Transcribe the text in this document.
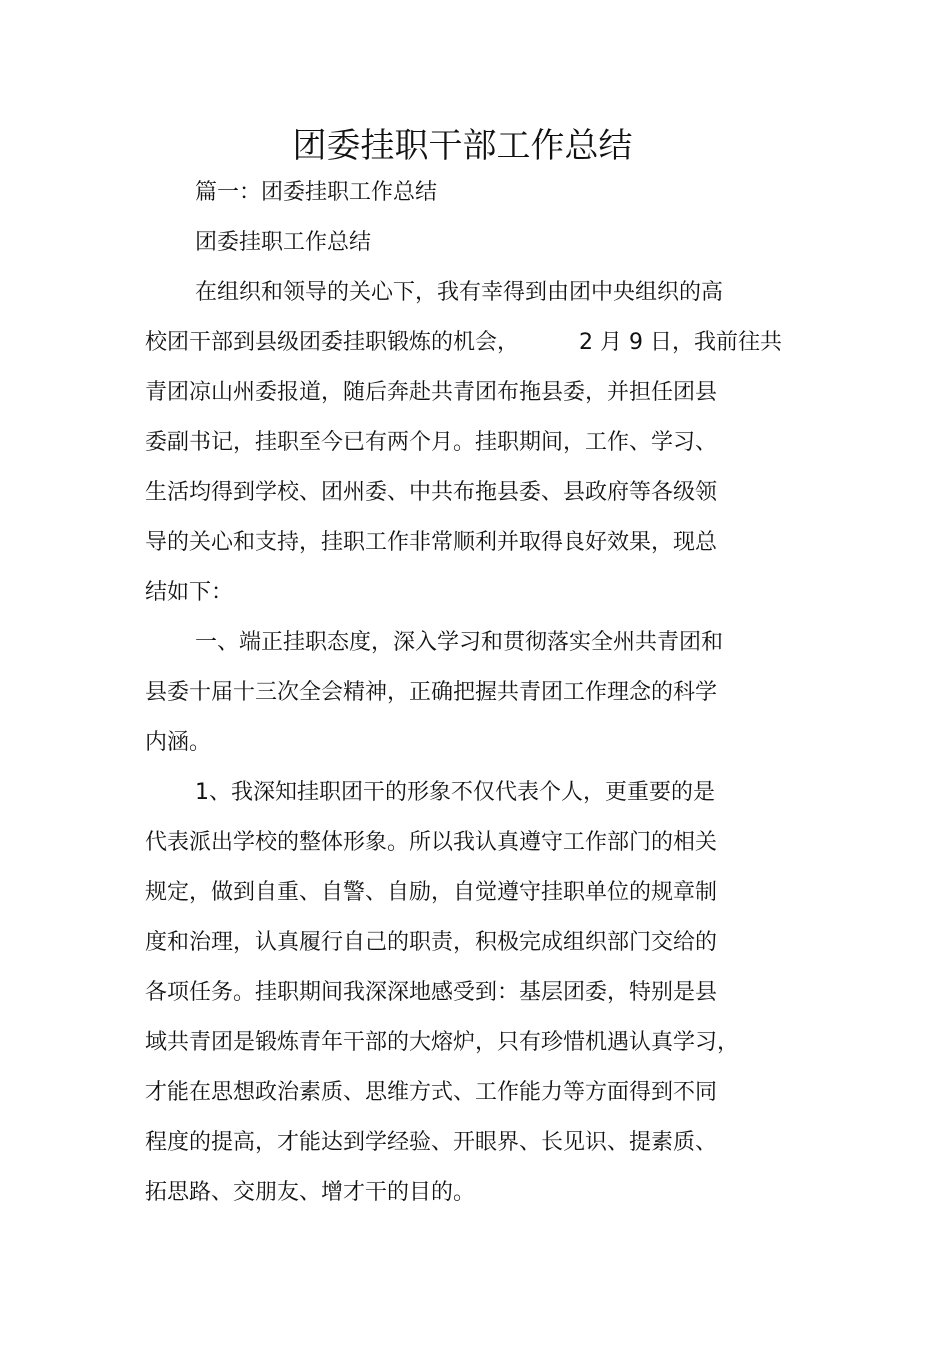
团委挂职干部工作总结
篇一：团委挂职工作总结
团委挂职工作总结
在组织和领导的关心下，我有幸得到由团中央组织的高
校团干部到县级团委挂职锻炼的机会，	2 月 9 日，我前往共
青团凉山州委报道，随后奔赴共青团布拖县委，并担任团县
委副书记，挂职至今已有两个月。挂职期间，工作、学习、
生活均得到学校、团州委、中共布拖县委、县政府等各级领
导的关心和支持，挂职工作非常顺利并取得良好效果，现总
结如下：
一、端正挂职态度，深入学习和贯彻落实全州共青团和
县委十届十三次全会精神，正确把握共青团工作理念的科学
内涵。
1、我深知挂职团干的形象不仅代表个人，更重要的是
代表派出学校的整体形象。所以我认真遵守工作部门的相关
规定，做到自重、自警、自励，自觉遵守挂职单位的规章制
度和治理，认真履行自己的职责，积极完成组织部门交给的
各项任务。挂职期间我深深地感受到：基层团委，特别是县
域共青团是锻炼青年干部的大熔炉，只有珍惜机遇认真学习，
才能在思想政治素质、思维方式、工作能力等方面得到不同
程度的提高，才能达到学经验、开眼界、长见识、提素质、
拓思路、交朋友、增才干的目的。
